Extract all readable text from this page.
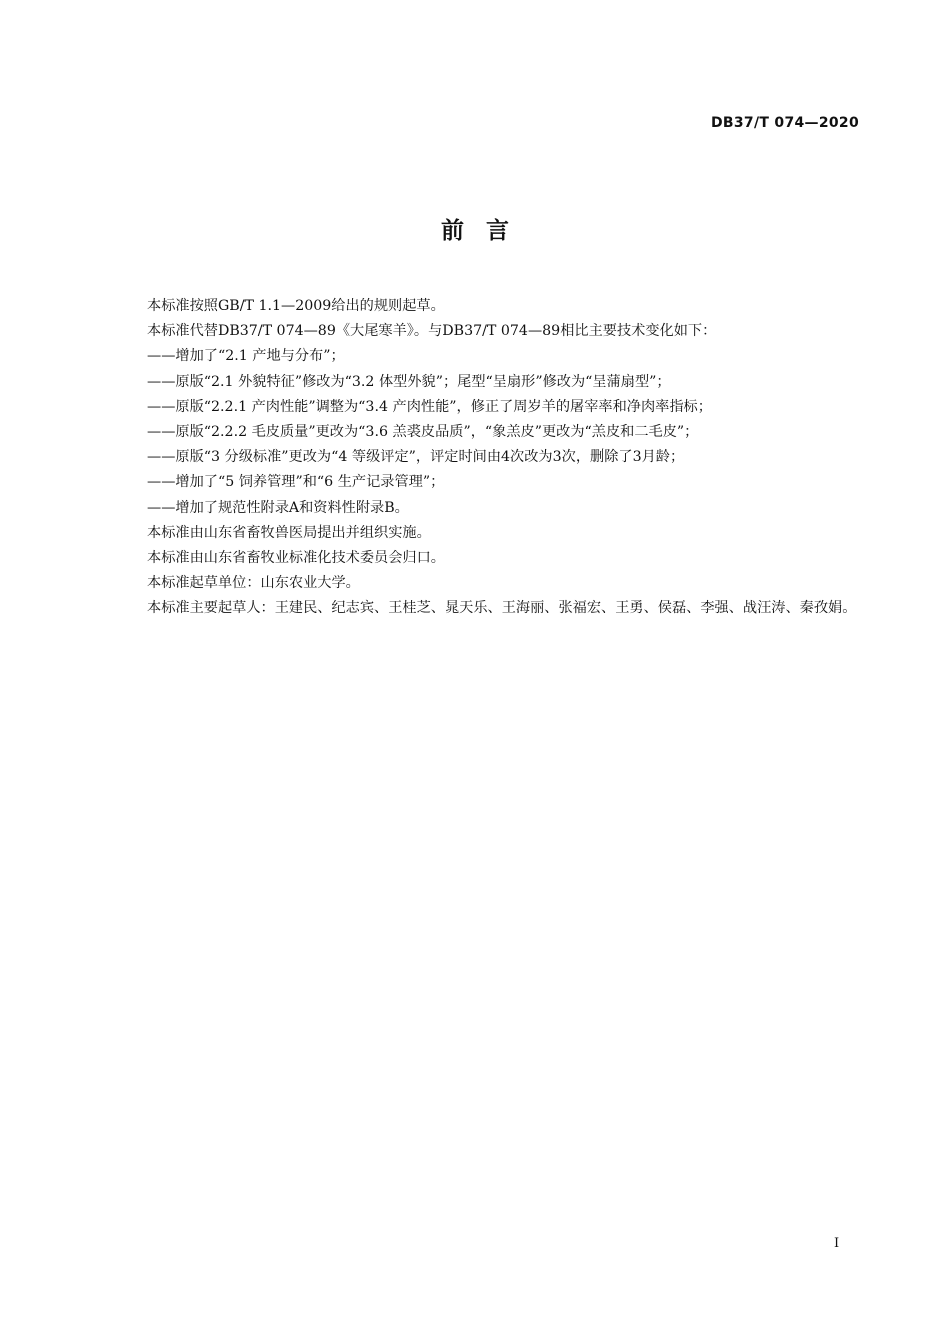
DB37/T 074—2020
前言

本标准按照GB/T 1.1—2009给出的规则起草。

本标准代替DB37/T 074—89《大尾寒羊》。与DB37/T 074—89相比主要技术变化如下：

——增加了“2.1 产地与分布”；

——原版“2.1 外貌特征”修改为“3.2 体型外貌”；尾型“呈扇形”修改为“呈蒲扇型”；

——原版“2.2.1 产肉性能”调整为“3.4 产肉性能”，修正了周岁羊的屠宰率和净肉率指标；

——原版“2.2.2 毛皮质量”更改为“3.6 羔裘皮品质”，“象羔皮”更改为“羔皮和二毛皮”；

——原版“3 分级标准”更改为“4 等级评定”，评定时间由4次改为3次，删除了3月龄；

——增加了“5 饲养管理”和“6 生产记录管理”；

——增加了规范性附录A和资料性附录B。

本标准由山东省畜牧兽医局提出并组织实施。

本标准由山东省畜牧业标准化技术委员会归口。

本标准起草单位：山东农业大学。

本标准主要起草人：王建民、纪志宾、王桂芝、晁天乐、王海丽、张福宏、王勇、侯磊、李强、战汪涛、秦孜娟。

I
